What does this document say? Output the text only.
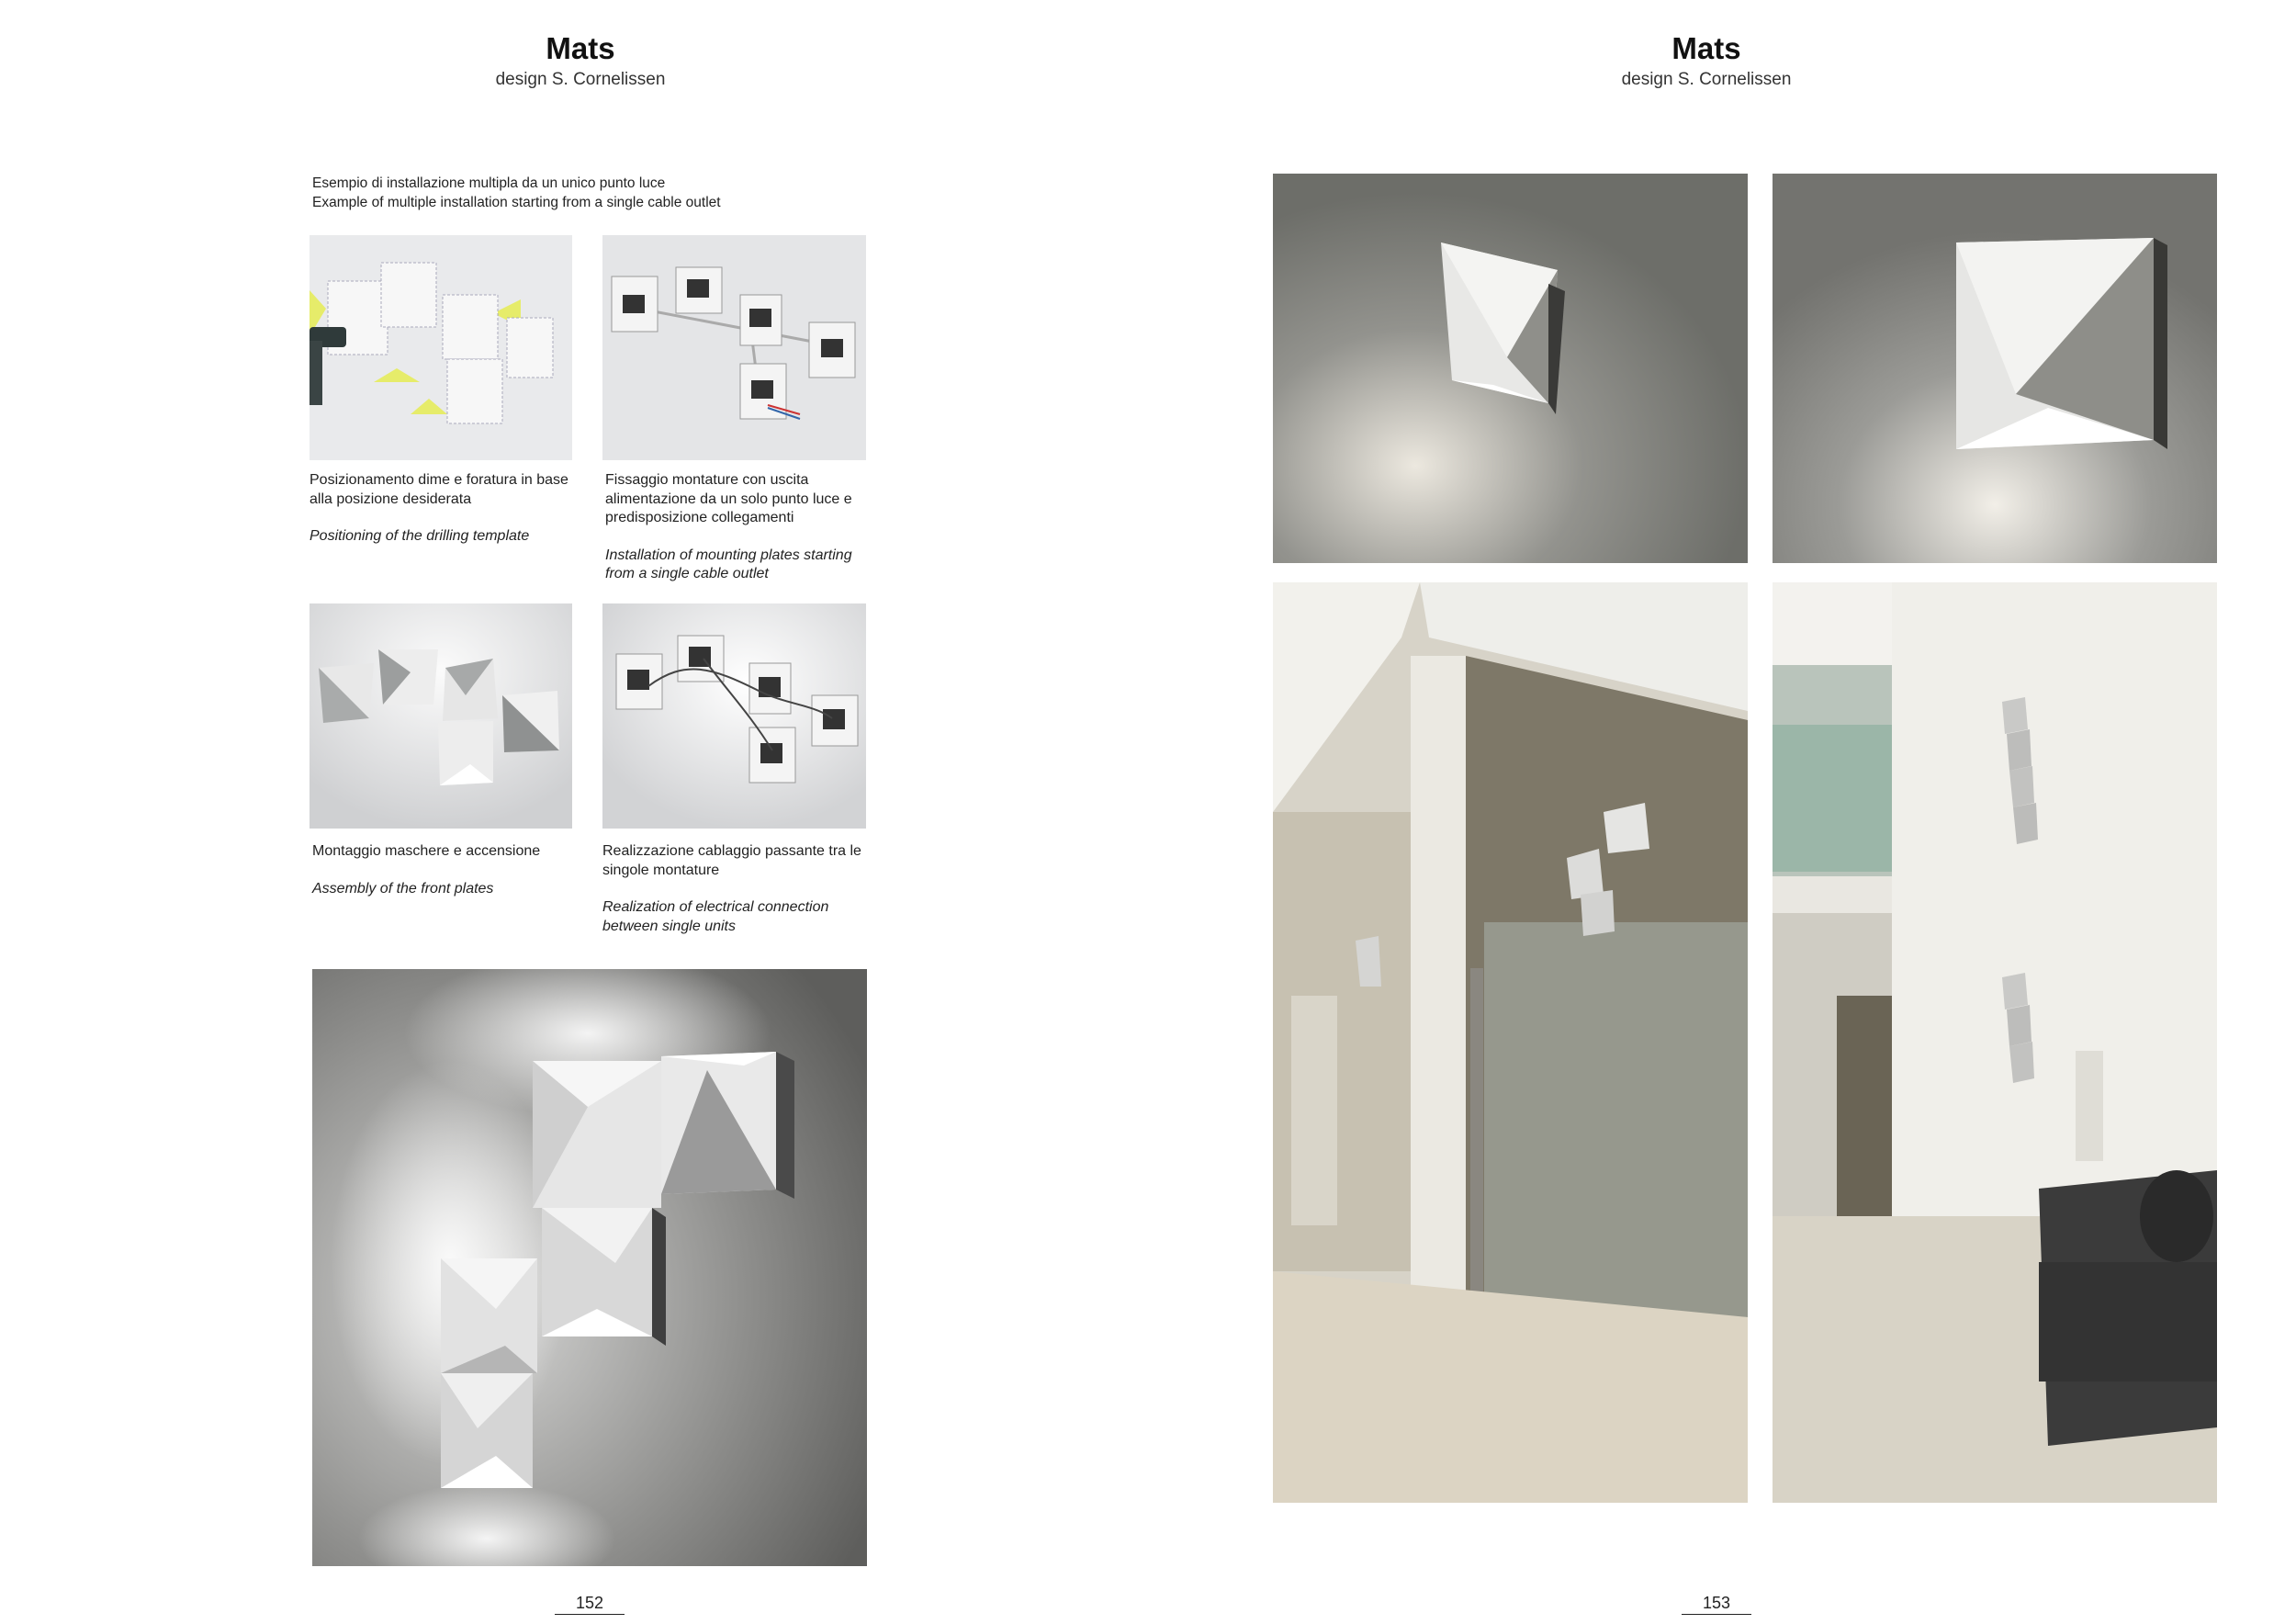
Mats
design S. Cornelissen
Mats
design S. Cornelissen
Esempio di installazione multipla da un unico punto luce
Example of multiple installation starting from a single cable outlet
Posizionamento dime e foratura in base alla posizione desiderata
Positioning of the drilling template
Fissaggio montature con uscita alimentazione da un solo punto luce e predisposizione collegamenti
Installation of mounting plates starting from a single cable outlet
Montaggio maschere e accensione
Assembly of the front plates
Realizzazione cablaggio passante tra le singole montature
Realization of electrical connection between single units
152	153
